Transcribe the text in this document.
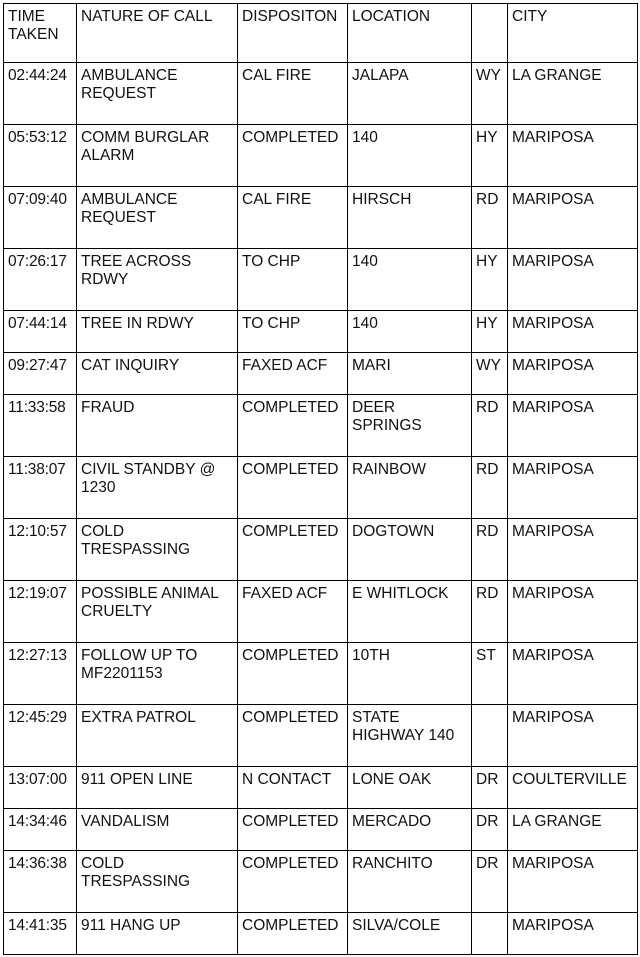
TIME TAKEN	NATURE OF CALL	DISPOSITON	LOCATION		CITY
02:44:24	AMBULANCE REQUEST	CAL FIRE	JALAPA	WY	LA GRANGE
05:53:12	COMM BURGLAR ALARM	COMPLETED	140	HY	MARIPOSA
07:09:40	AMBULANCE REQUEST	CAL FIRE	HIRSCH	RD	MARIPOSA
07:26:17	TREE ACROSS RDWY	TO CHP	140	HY	MARIPOSA
07:44:14	TREE IN RDWY	TO CHP	140	HY	MARIPOSA
09:27:47	CAT INQUIRY	FAXED ACF	MARI	WY	MARIPOSA
11:33:58	FRAUD	COMPLETED	DEER SPRINGS	RD	MARIPOSA
11:38:07	CIVIL STANDBY @ 1230	COMPLETED	RAINBOW	RD	MARIPOSA
12:10:57	COLD TRESPASSING	COMPLETED	DOGTOWN	RD	MARIPOSA
12:19:07	POSSIBLE ANIMAL CRUELTY	FAXED ACF	E WHITLOCK	RD	MARIPOSA
12:27:13	FOLLOW UP TO MF2201153	COMPLETED	10TH	ST	MARIPOSA
12:45:29	EXTRA PATROL	COMPLETED	STATE HIGHWAY 140		MARIPOSA
13:07:00	911 OPEN LINE	N CONTACT	LONE OAK	DR	COULTERVILLE
14:34:46	VANDALISM	COMPLETED	MERCADO	DR	LA GRANGE
14:36:38	COLD TRESPASSING	COMPLETED	RANCHITO	DR	MARIPOSA
14:41:35	911 HANG UP	COMPLETED	SILVA/COLE		MARIPOSA
